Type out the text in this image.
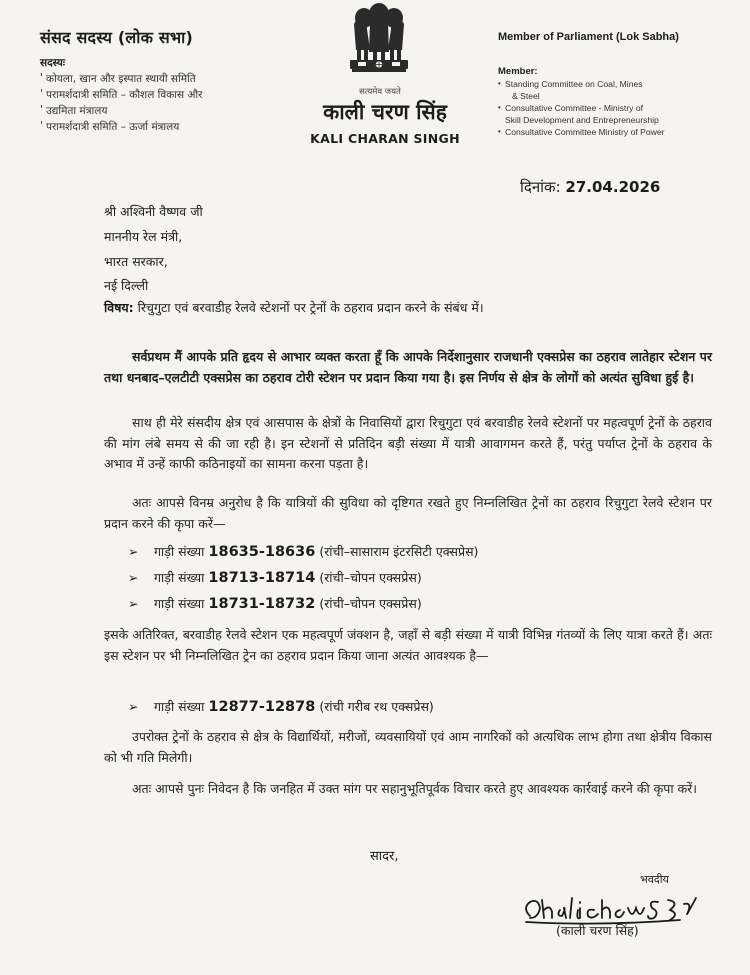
संसद सदस्य (लोक सभा)
सदस्यः
' कोयला, खान और इस्पात स्थायी समिति
' परामर्शदात्री समिति – कौशल विकास और
' उद्यमिता मंत्रालय
' परामर्शदात्री समिति – ऊर्जा मंत्रालय
सत्यमेव जयते
काली चरण सिंह
KALI CHARAN SINGH
Member of Parliament (Lok Sabha)
Member:
• Standing Committee on Coal, Mines
& Steel
• Consultative Committee - Ministry of
Skill Development and Entrepreneurship
• Consultative Committee Ministry of Power
दिनांक: 27.04.2026
श्री अश्विनी वैष्णव जी
माननीय रेल मंत्री,
भारत सरकार,
नई दिल्ली
विषय: रिचुगुटा एवं बरवाडीह रेलवे स्टेशनों पर ट्रेनों के ठहराव प्रदान करने के संबंध में।
सर्वप्रथम मैं आपके प्रति हृदय से आभार व्यक्त करता हूँ कि आपके निर्देशानुसार राजधानी एक्सप्रेस का ठहराव लातेहार स्टेशन पर तथा धनबाद–एलटीटी एक्सप्रेस का ठहराव टोरी स्टेशन पर प्रदान किया गया है। इस निर्णय से क्षेत्र के लोगों को अत्यंत सुविधा हुई है।
साथ ही मेरे संसदीय क्षेत्र एवं आसपास के क्षेत्रों के निवासियों द्वारा रिचुगुटा एवं बरवाडीह रेलवे स्टेशनों पर महत्वपूर्ण ट्रेनों के ठहराव की मांग लंबे समय से की जा रही है। इन स्टेशनों से प्रतिदिन बड़ी संख्या में यात्री आवागमन करते हैं, परंतु पर्याप्त ट्रेनों के ठहराव के अभाव में उन्हें काफी कठिनाइयों का सामना करना पड़ता है।
अतः आपसे विनम्र अनुरोध है कि यात्रियों की सुविधा को दृष्टिगत रखते हुए निम्नलिखित ट्रेनों का ठहराव रिचुगुटा रेलवे स्टेशन पर प्रदान करने की कृपा करें—
➢ गाड़ी संख्या 18635-18636 (रांची–सासाराम इंटरसिटी एक्सप्रेस)
➢ गाड़ी संख्या 18713-18714 (रांची–चोपन एक्सप्रेस)
➢ गाड़ी संख्या 18731-18732 (रांची–चोपन एक्सप्रेस)
इसके अतिरिक्त, बरवाडीह रेलवे स्टेशन एक महत्वपूर्ण जंक्शन है, जहाँ से बड़ी संख्या में यात्री विभिन्न गंतव्यों के लिए यात्रा करते हैं। अतः इस स्टेशन पर भी निम्नलिखित ट्रेन का ठहराव प्रदान किया जाना अत्यंत आवश्यक है—
➢ गाड़ी संख्या 12877-12878 (रांची गरीब रथ एक्सप्रेस)
उपरोक्त ट्रेनों के ठहराव से क्षेत्र के विद्यार्थियों, मरीजों, व्यवसायियों एवं आम नागरिकों को अत्यधिक लाभ होगा तथा क्षेत्रीय विकास को भी गति मिलेगी।
अतः आपसे पुनः निवेदन है कि जनहित में उक्त मांग पर सहानुभूतिपूर्वक विचार करते हुए आवश्यक कार्रवाई करने की कृपा करें।
सादर,
भवदीय
(काली चरण सिंह)
